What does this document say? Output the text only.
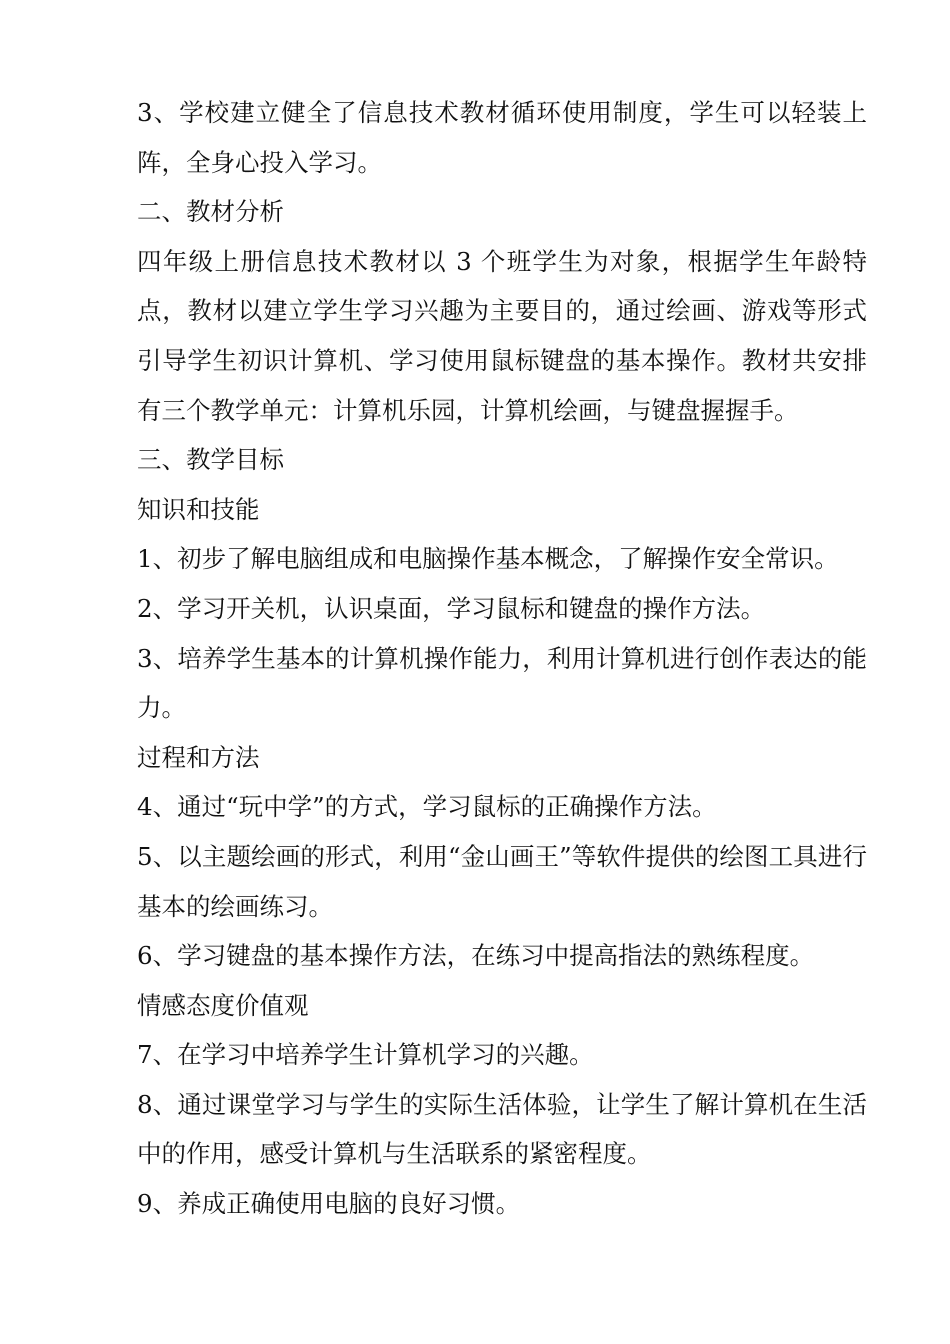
3、学校建立健全了信息技术教材循环使用制度，学生可以轻装上阵，全身心投入学习。

二、教材分析

四年级上册信息技术教材以 3 个班学生为对象，根据学生年龄特点，教材以建立学生学习兴趣为主要目的，通过绘画、游戏等形式引导学生初识计算机、学习使用鼠标键盘的基本操作。教材共安排有三个教学单元：计算机乐园，计算机绘画，与键盘握握手。

三、教学目标

知识和技能

1、初步了解电脑组成和电脑操作基本概念，了解操作安全常识。

2、学习开关机，认识桌面，学习鼠标和键盘的操作方法。

3、培养学生基本的计算机操作能力，利用计算机进行创作表达的能力。

过程和方法

4、通过“玩中学”的方式，学习鼠标的正确操作方法。

5、以主题绘画的形式，利用“金山画王”等软件提供的绘图工具进行基本的绘画练习。

6、学习键盘的基本操作方法，在练习中提高指法的熟练程度。

情感态度价值观

7、在学习中培养学生计算机学习的兴趣。

8、通过课堂学习与学生的实际生活体验，让学生了解计算机在生活中的作用，感受计算机与生活联系的紧密程度。

9、养成正确使用电脑的良好习惯。
